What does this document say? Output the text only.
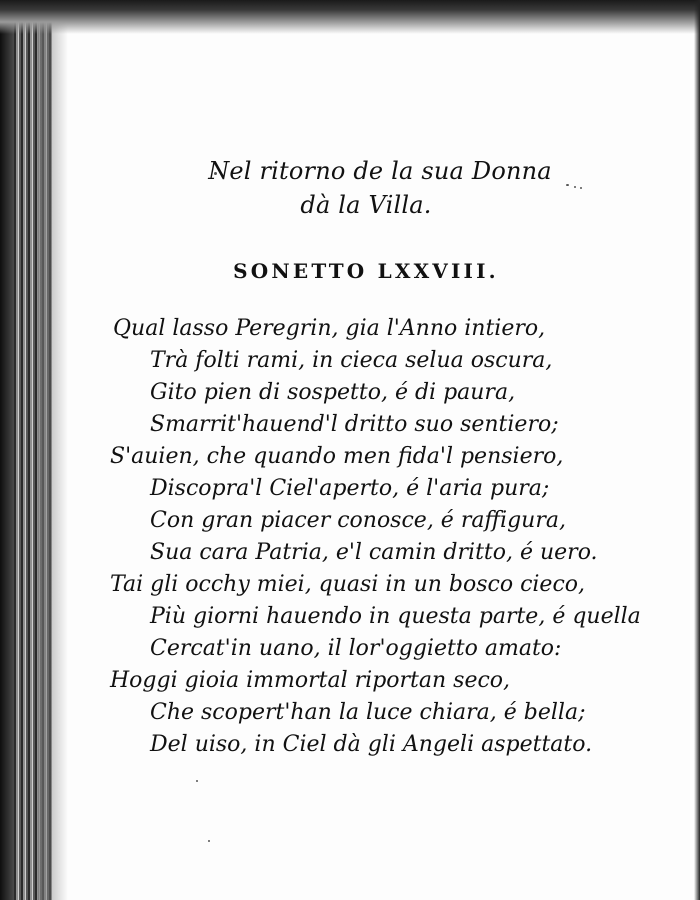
Nel ritorno de la sua Donna
dà la Villa.
SONETTO LXXVIII.
Qual lasso Peregrin, gia l'Anno intiero,
Trà folti rami, in cieca selua oscura,
Gito pien di sospetto, é di paura,
Smarrit'hauend'l dritto suo sentiero;
S'auien, che quando men fida'l pensiero,
Discopra'l Ciel'aperto, é l'aria pura;
Con gran piacer conosce, é raffigura,
Sua cara Patria, e'l camin dritto, é uero.
Tai gli occhy miei, quasi in un bosco cieco,
Più giorni hauendo in questa parte, é quella
Cercat'in uano, il lor'oggietto amato:
Hoggi gioia immortal riportan seco,
Che scopert'han la luce chiara, é bella;
Del uiso, in Ciel dà gli Angeli aspettato.
